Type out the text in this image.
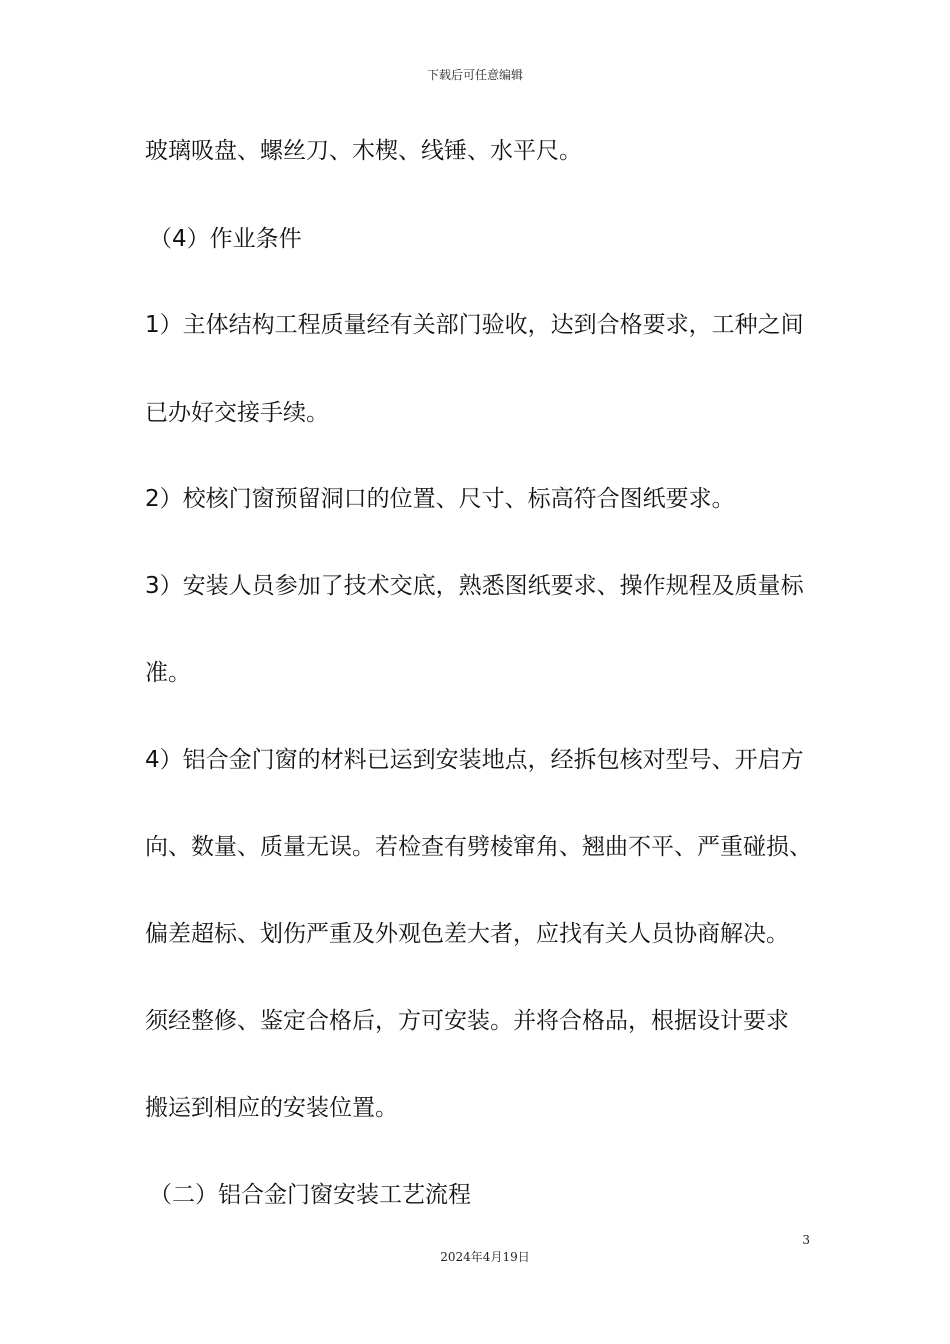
下载后可任意编辑
玻璃吸盘、螺丝刀、木楔、线锤、水平尺。
（4）作业条件
1）主体结构工程质量经有关部门验收，达到合格要求，工种之间
已办好交接手续。
2）校核门窗预留洞口的位置、尺寸、标高符合图纸要求。
3）安装人员参加了技术交底，熟悉图纸要求、操作规程及质量标
准。
4）铝合金门窗的材料已运到安装地点，经拆包核对型号、开启方
向、数量、质量无误。若检查有劈棱窜角、翘曲不平、严重碰损、
偏差超标、划伤严重及外观色差大者，应找有关人员协商解决。
须经整修、鉴定合格后，方可安装。并将合格品，根据设计要求
搬运到相应的安装位置。
（二）铝合金门窗安装工艺流程
3
2024年4月19日
